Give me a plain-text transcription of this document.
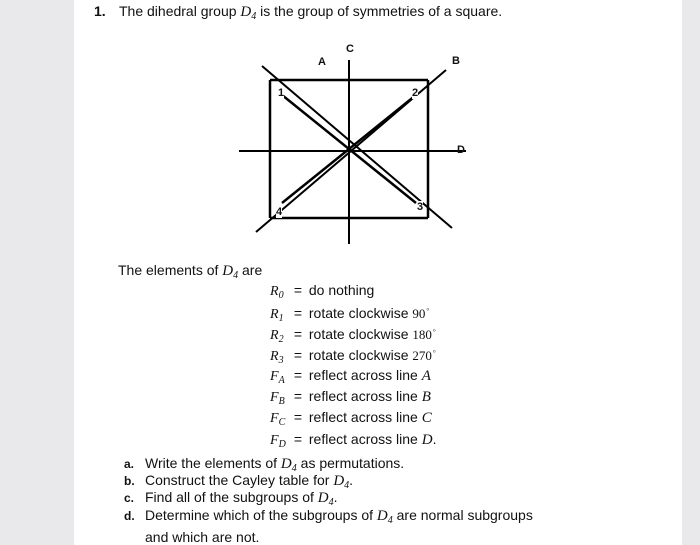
1. The dihedral group $D_4$ is the group of symmetries of a square.
A	B
C
D
1	2
3
4
The elements of $D_4$ are
$R_0$ = do nothing
$R_1$ = rotate clockwise 90°
$R_2$ = rotate clockwise 180°
$R_3$ = rotate clockwise 270°
$F_A$ = reflect across line A
$F_B$ = reflect across line B
$F_C$ = reflect across line C
$F_D$ = reflect across line D.
a. Write the elements of $D_4$ as permutations.
b. Construct the Cayley table for $D_4$.
c. Find all of the subgroups of $D_4$.
d. Determine which of the subgroups of $D_4$ are normal subgroups and which are not.
